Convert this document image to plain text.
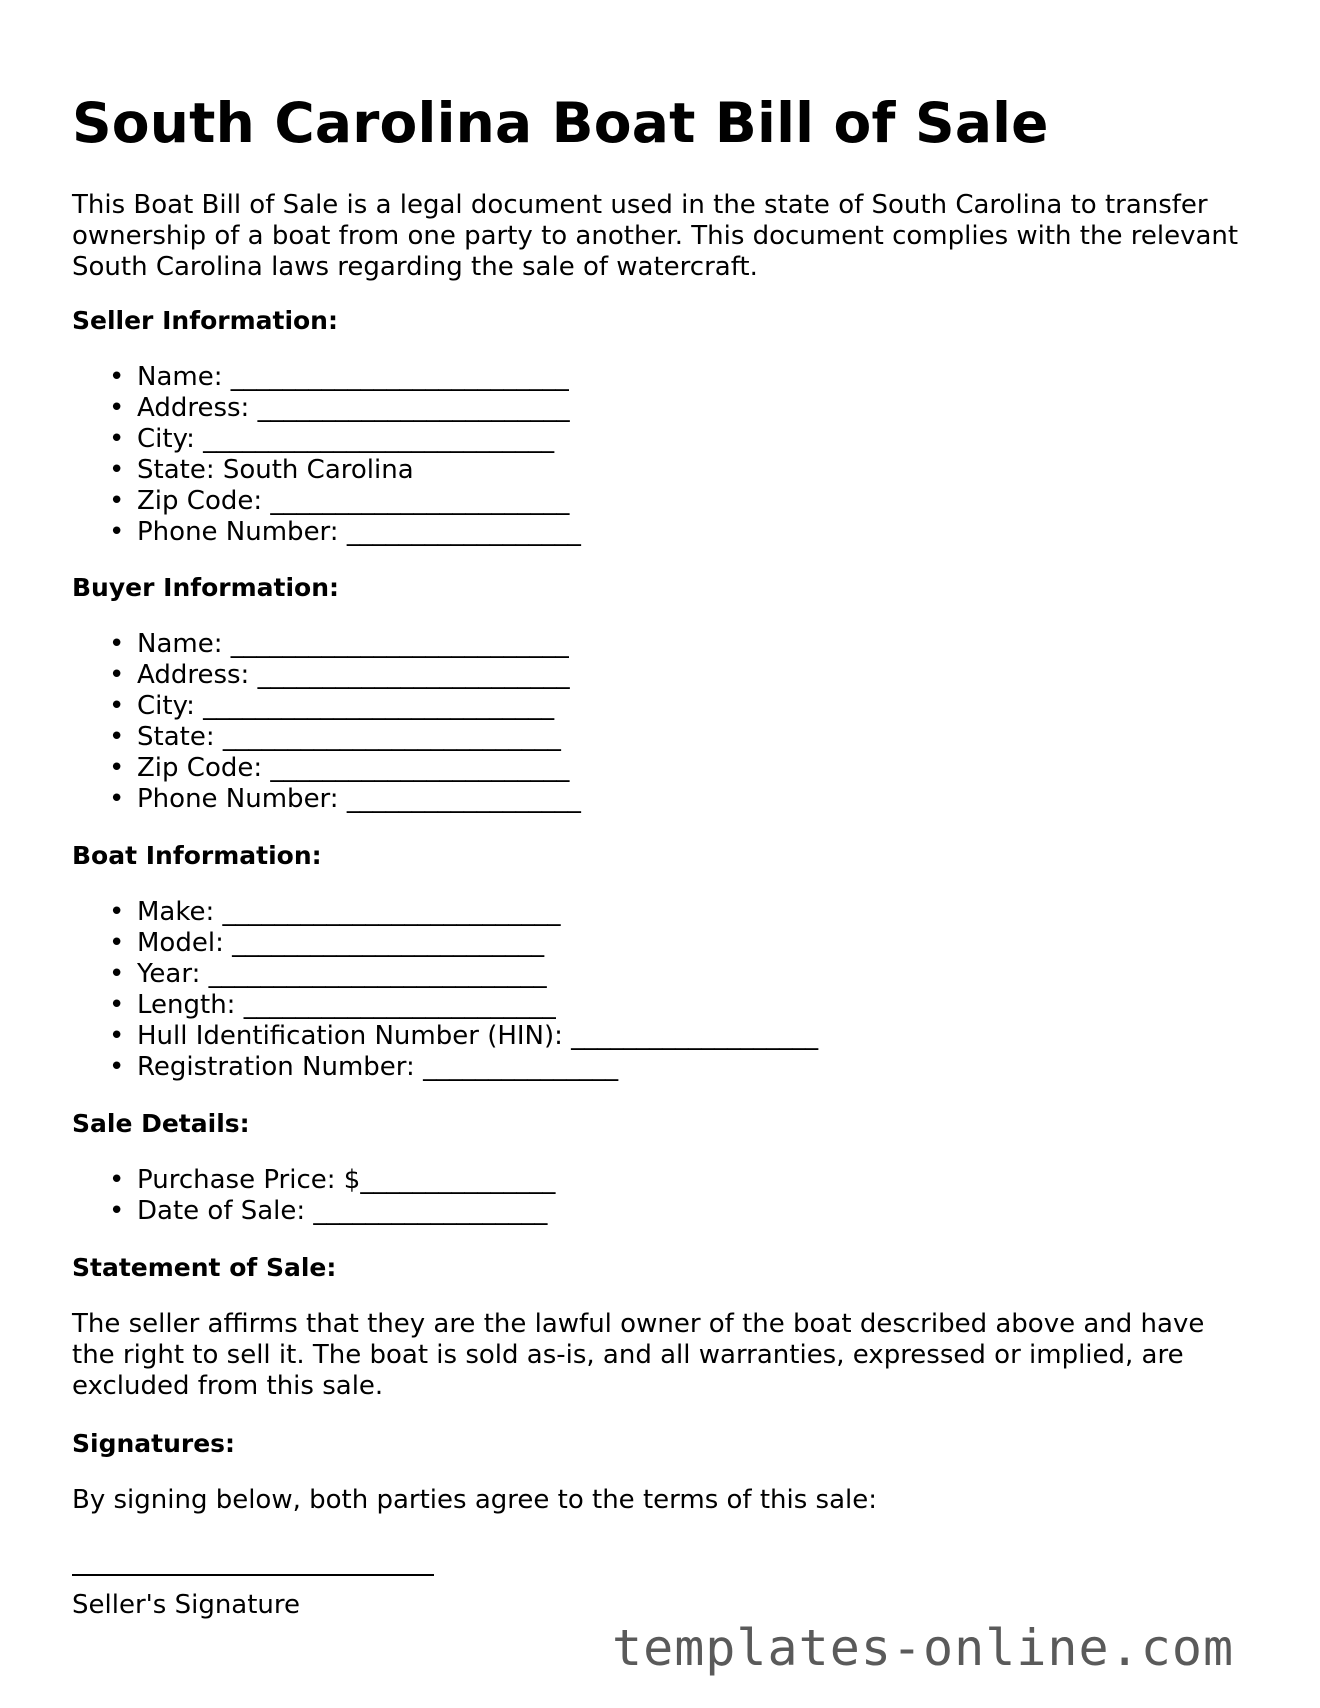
South Carolina Boat Bill of Sale

This Boat Bill of Sale is a legal document used in the state of South Carolina to transfer ownership of a boat from one party to another. This document complies with the relevant South Carolina laws regarding the sale of watercraft.

Seller Information:
• Name: __________________________
• Address: ________________________
• City: ___________________________
• State: South Carolina
• Zip Code: _______________________
• Phone Number: __________________
Buyer Information:
• Name: __________________________
• Address: ________________________
• City: ___________________________
• State: __________________________
• Zip Code: _______________________
• Phone Number: __________________
Boat Information:
• Make: __________________________
• Model: ________________________
• Year: __________________________
• Length: ________________________
• Hull Identification Number (HIN): ___________________
• Registration Number: _______________
Sale Details:
• Purchase Price: $_______________
• Date of Sale: __________________
Statement of Sale:

The seller affirms that they are the lawful owner of the boat described above and have the right to sell it. The boat is sold as-is, and all warranties, expressed or implied, are excluded from this sale.

Signatures:

By signing below, both parties agree to the terms of this sale:

Seller's Signature
templates-online.com
